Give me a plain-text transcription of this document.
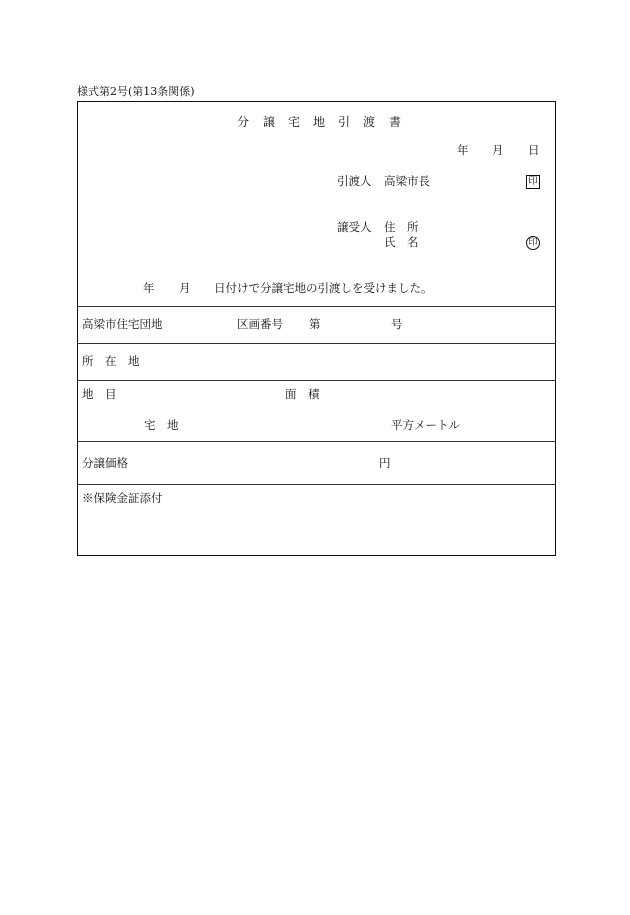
様式第2号(第13条関係)
分 譲 宅 地 引 渡 書
年 月 日
引渡人 高梁市長	印
譲受人 住　所
氏　名	印
年 月 日付けで分譲宅地の引渡しを受けました。
高梁市住宅団地	区画番号 第	号
所　在　地
地　目	面　積
宅　地	平方メートル
分譲価格	円
※保険金証添付
